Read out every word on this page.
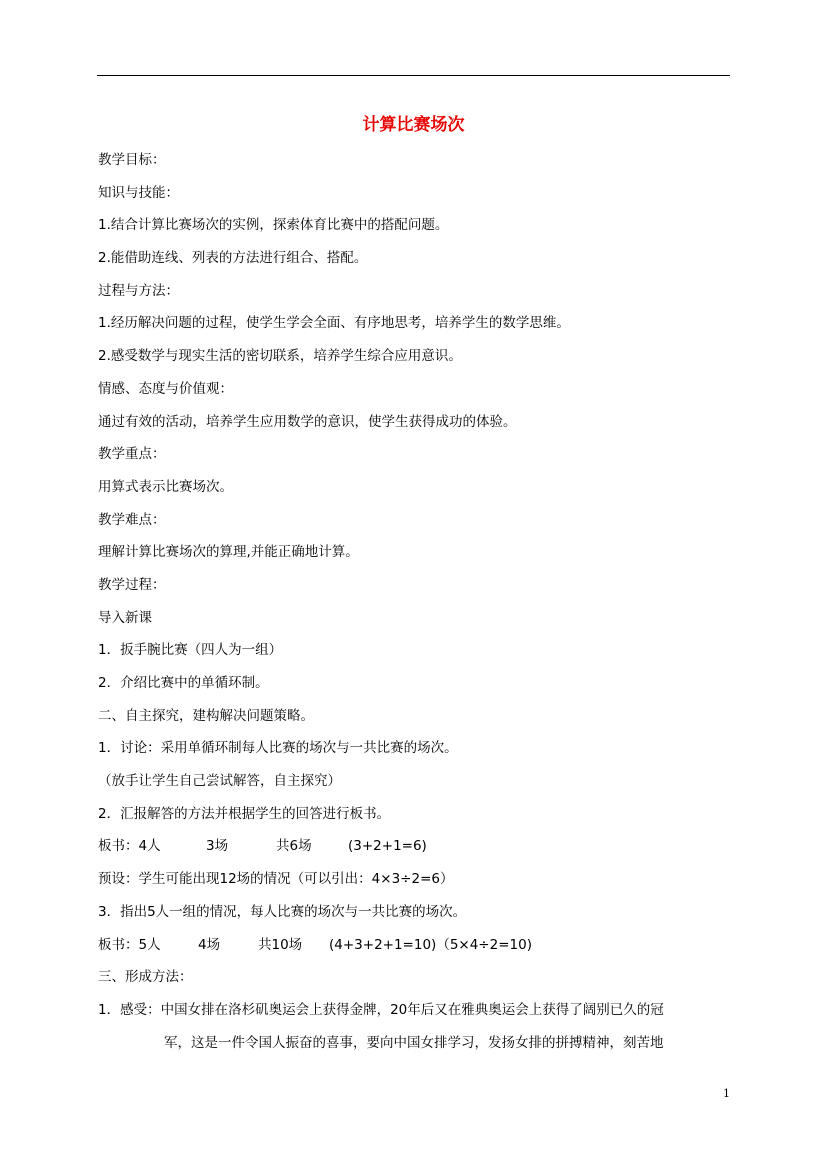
计算比赛场次
教学目标：
知识与技能：
1.结合计算比赛场次的实例，探索体育比赛中的搭配问题。
2.能借助连线、列表的方法进行组合、搭配。
过程与方法：
1.经历解决问题的过程，使学生学会全面、有序地思考，培养学生的数学思维。
2.感受数学与现实生活的密切联系，培养学生综合应用意识。
情感、态度与价值观：
通过有效的活动，培养学生应用数学的意识，使学生获得成功的体验。
教学重点：
用算式表示比赛场次。
教学难点：
理解计算比赛场次的算理,并能正确地计算。
教学过程：
导入新课
1．扳手腕比赛（四人为一组）
2．介绍比赛中的单循环制。
二、自主探究，建构解决问题策略。
1．讨论：采用单循环制每人比赛的场次与一共比赛的场次。
（放手让学生自己尝试解答，自主探究）
2．汇报解答的方法并根据学生的回答进行板书。
板书：4人	3场	共6场	(3+2+1=6)
预设：学生可能出现12场的情况（可以引出：4×3÷2=6）
3．指出5人一组的情况，每人比赛的场次与一共比赛的场次。
板书：5人	4场	共10场 (4+3+2+1=10)（5×4÷2=10)
三、形成方法：
1．感受：中国女排在洛杉矶奥运会上获得金牌，20年后又在雅典奥运会上获得了阔别已久的冠
军，这是一件令国人振奋的喜事，要向中国女排学习，发扬女排的拼搏精神，刻苦地
1
